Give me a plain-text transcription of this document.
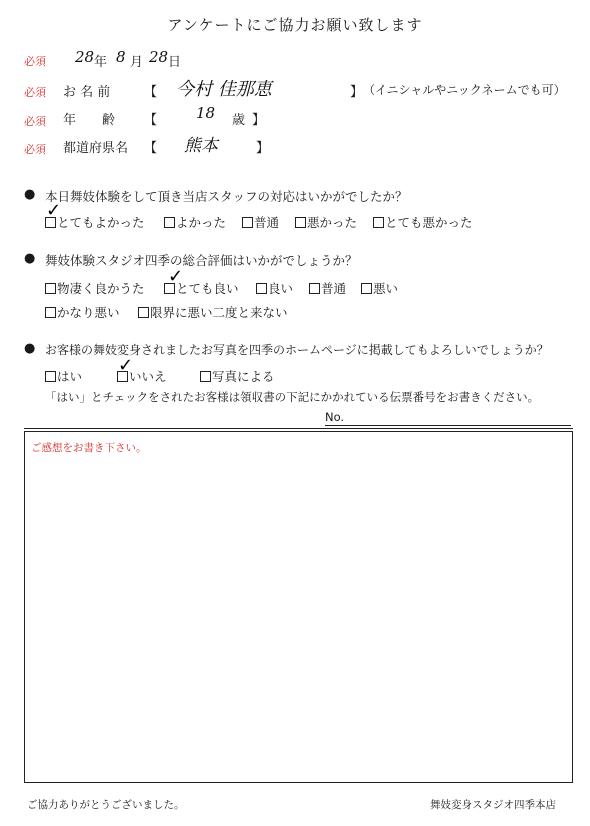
アンケートにご協力お願い致します
必須 28 年 8 月 28 日
必須 お 名 前	【 今村 佳那恵	】 （イニシャルやニックネームでも可）
必須 年　　齢 【	18 歳 】
必須 都道府県名 【 熊本	】
● 本日舞妓体験をして頂き当店スタッフの対応はいかがでしたか？
とてもよかった	よかった	普通	悪かった	とても悪かった
✓
● 舞妓体験スタジオ四季の総合評価はいかがでしょうか？
物凄く良かうた	とても良い	良い	普通	悪い
かなり悪い	限界に悪い二度と来ない
✓
● お客様の舞妓変身されましたお写真を四季のホームページに掲載してもよろしいでしょうか？
はい	いいえ	写真による
✓
「はい」とチェックをされたお客様は領収書の下記にかかれている伝票番号をお書きください。
No.
ご感想をお書き下さい。
ご協力ありがとうございました。	舞妓変身スタジオ四季本店
